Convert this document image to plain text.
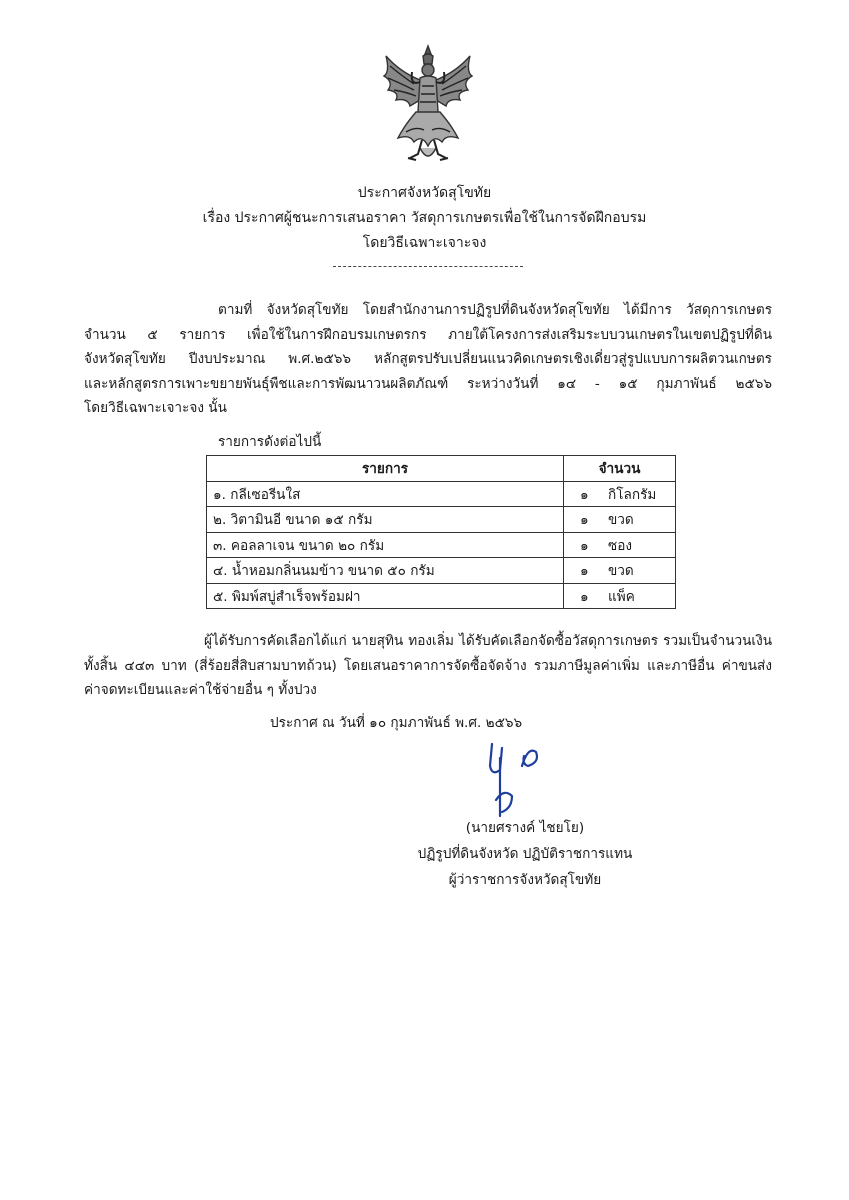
ประกาศจังหวัดสุโขทัย
เรื่อง ประกาศผู้ชนะการเสนอราคา วัสดุการเกษตรเพื่อใช้ในการจัดฝึกอบรม
โดยวิธีเฉพาะเจาะจง
ตามที่ จังหวัดสุโขทัย โดยสำนักงานการปฏิรูปที่ดินจังหวัดสุโขทัย ได้มีการ วัสดุการเกษตร
จำนวน ๕ รายการ เพื่อใช้ในการฝึกอบรมเกษตรกร ภายใต้โครงการส่งเสริมระบบวนเกษตรในเขตปฏิรูปที่ดิน
จังหวัดสุโขทัย ปีงบประมาณ พ.ศ.๒๕๖๖ หลักสูตรปรับเปลี่ยนแนวคิดเกษตรเชิงเดี่ยวสู่รูปแบบการผลิตวนเกษตร
และหลักสูตรการเพาะขยายพันธุ์พืชและการพัฒนาวนผลิตภัณฑ์ ระหว่างวันที่ ๑๔ - ๑๕ กุมภาพันธ์ ๒๕๖๖
โดยวิธีเฉพาะเจาะจง นั้น
รายการดังต่อไปนี้
รายการ	จำนวน
๑. กลีเซอรีนใส	๑ กิโลกรัม
๒. วิตามินอี ขนาด ๑๕ กรัม	๑ ขวด
๓. คอลลาเจน ขนาด ๒๐ กรัม	๑ ซอง
๔. น้ำหอมกลิ่นนมข้าว ขนาด ๕๐ กรัม	๑ ขวด
๕. พิมพ์สบู่สำเร็จพร้อมฝา	๑ แพ็ค
ผู้ได้รับการคัดเลือกได้แก่ นายสุทิน ทองเลิ่ม ได้รับคัดเลือกจัดซื้อวัสดุการเกษตร รวมเป็นจำนวนเงิน
ทั้งสิ้น ๔๔๓ บาท (สี่ร้อยสี่สิบสามบาทถ้วน) โดยเสนอราคาการจัดซื้อจัดจ้าง รวมภาษีมูลค่าเพิ่ม และภาษีอื่น ค่าขนส่ง
ค่าจดทะเบียนและค่าใช้จ่ายอื่น ๆ ทั้งปวง
ประกาศ ณ วันที่ ๑๐ กุมภาพันธ์ พ.ศ. ๒๕๖๖
(นายศรางค์ ไชยโย)
ปฏิรูปที่ดินจังหวัด ปฏิบัติราชการแทน
ผู้ว่าราชการจังหวัดสุโขทัย
